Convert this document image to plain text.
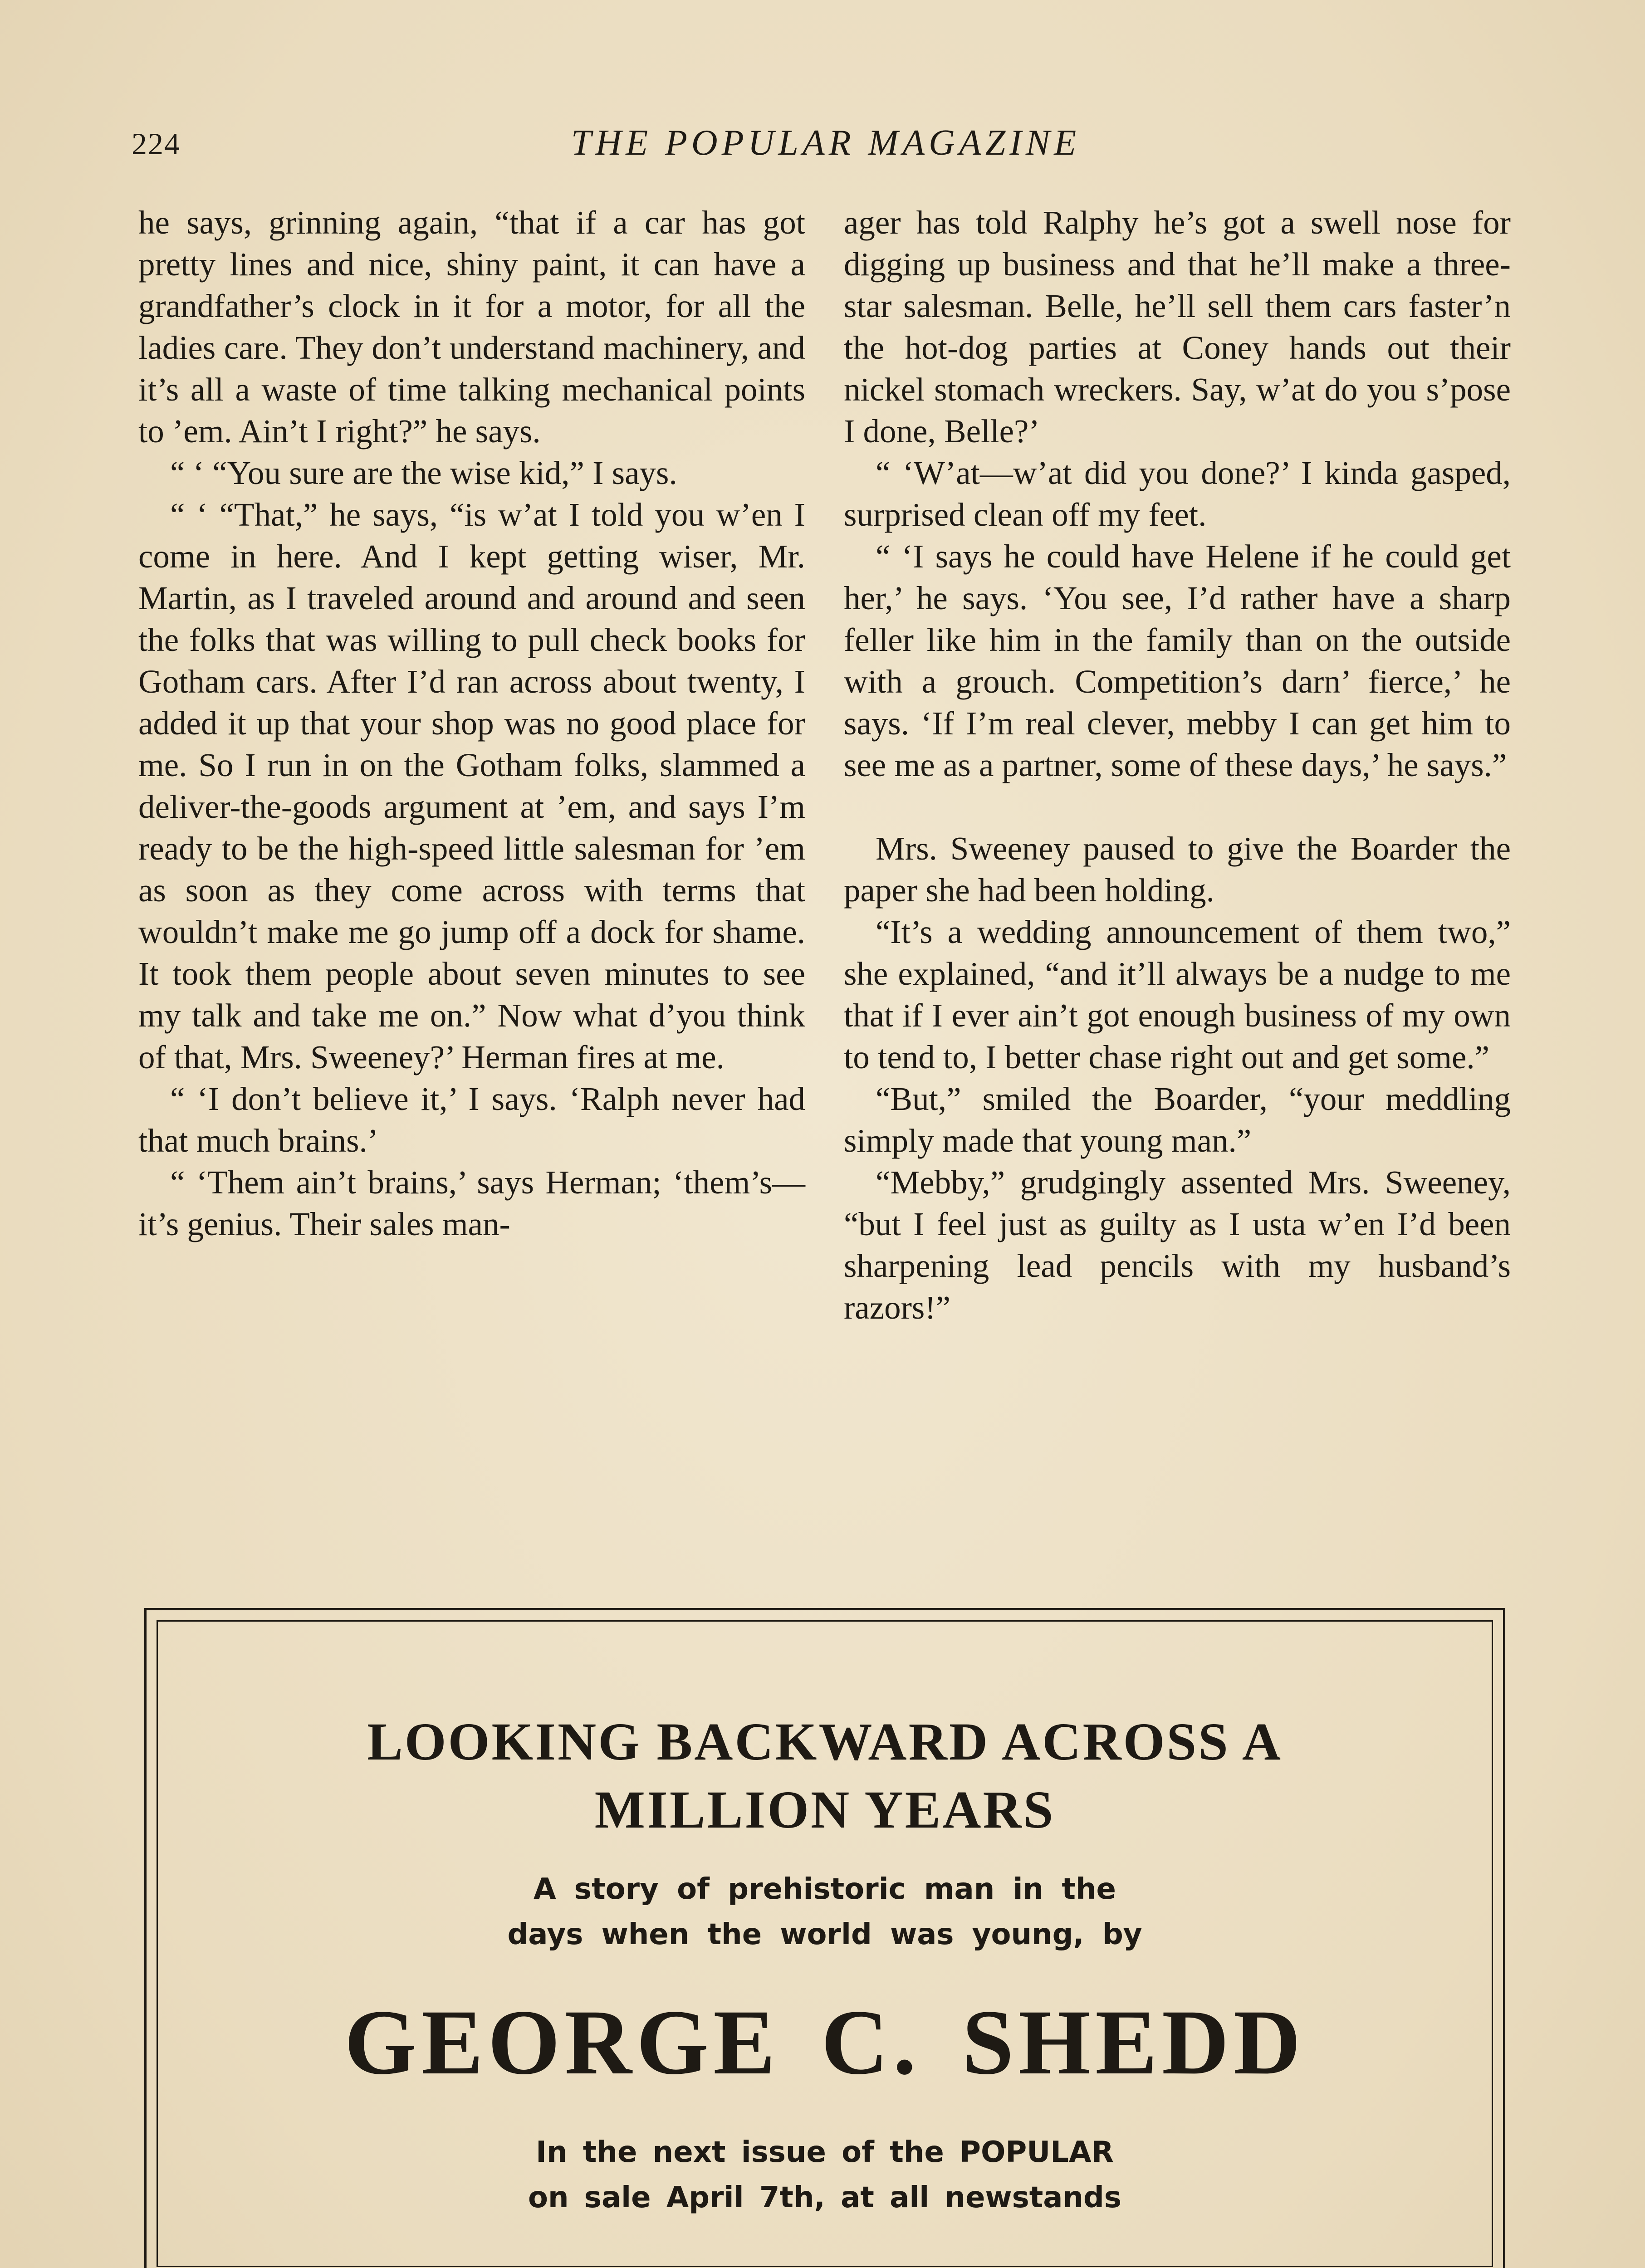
224	THE POPULAR MAGAZINE

he says, grinning again, “that if a car has got pretty lines and nice, shiny paint, it can have a grandfather’s clock in it for a motor, for all the ladies care. They don’t understand machinery, and it’s all a waste of time talking mechanical points to ’em. Ain’t I right?” he says.

“ ‘ “You sure are the wise kid,” I says.

“ ‘ “That,” he says, “is w’at I told you w’en I come in here. And I kept getting wiser, Mr. Martin, as I traveled around and around and seen the folks that was willing to pull check books for Gotham cars. After I’d ran across about twenty, I added it up that your shop was no good place for me. So I run in on the Gotham folks, slammed a deliver-the-goods argument at ’em, and says I’m ready to be the high-speed little salesman for ’em as soon as they come across with terms that wouldn’t make me go jump off a dock for shame. It took them people about seven minutes to see my talk and take me on.” Now what d’you think of that, Mrs. Sweeney?’ Herman fires at me.

“ ‘I don’t believe it,’ I says. ‘Ralph never had that much brains.’

“ ‘Them ain’t brains,’ says Herman; ‘them’s—it’s genius. Their sales man-

ager has told Ralphy he’s got a swell nose for digging up business and that he’ll make a three-star salesman. Belle, he’ll sell them cars faster’n the hot-dog parties at Coney hands out their nickel stomach wreckers. Say, w’at do you s’pose I done, Belle?’

“ ‘W’at—w’at did you done?’ I kinda gasped, surprised clean off my feet.

“ ‘I says he could have Helene if he could get her,’ he says. ‘You see, I’d rather have a sharp feller like him in the family than on the outside with a grouch. Competition’s darn’ fierce,’ he says. ‘If I’m real clever, mebby I can get him to see me as a partner, some of these days,’ he says.”

Mrs. Sweeney paused to give the Boarder the paper she had been holding.

“It’s a wedding announcement of them two,” she explained, “and it’ll always be a nudge to me that if I ever ain’t got enough business of my own to tend to, I better chase right out and get some.”

“But,” smiled the Boarder, “your meddling simply made that young man.”

“Mebby,” grudgingly assented Mrs. Sweeney, “but I feel just as guilty as I usta w’en I’d been sharpening lead pencils with my husband’s razors!”

LOOKING BACKWARD ACROSS A
MILLION YEARS
A story of prehistoric man in the
days when the world was young, by
GEORGE C. SHEDD
In the next issue of the POPULAR
on sale April 7th, at all newstands
